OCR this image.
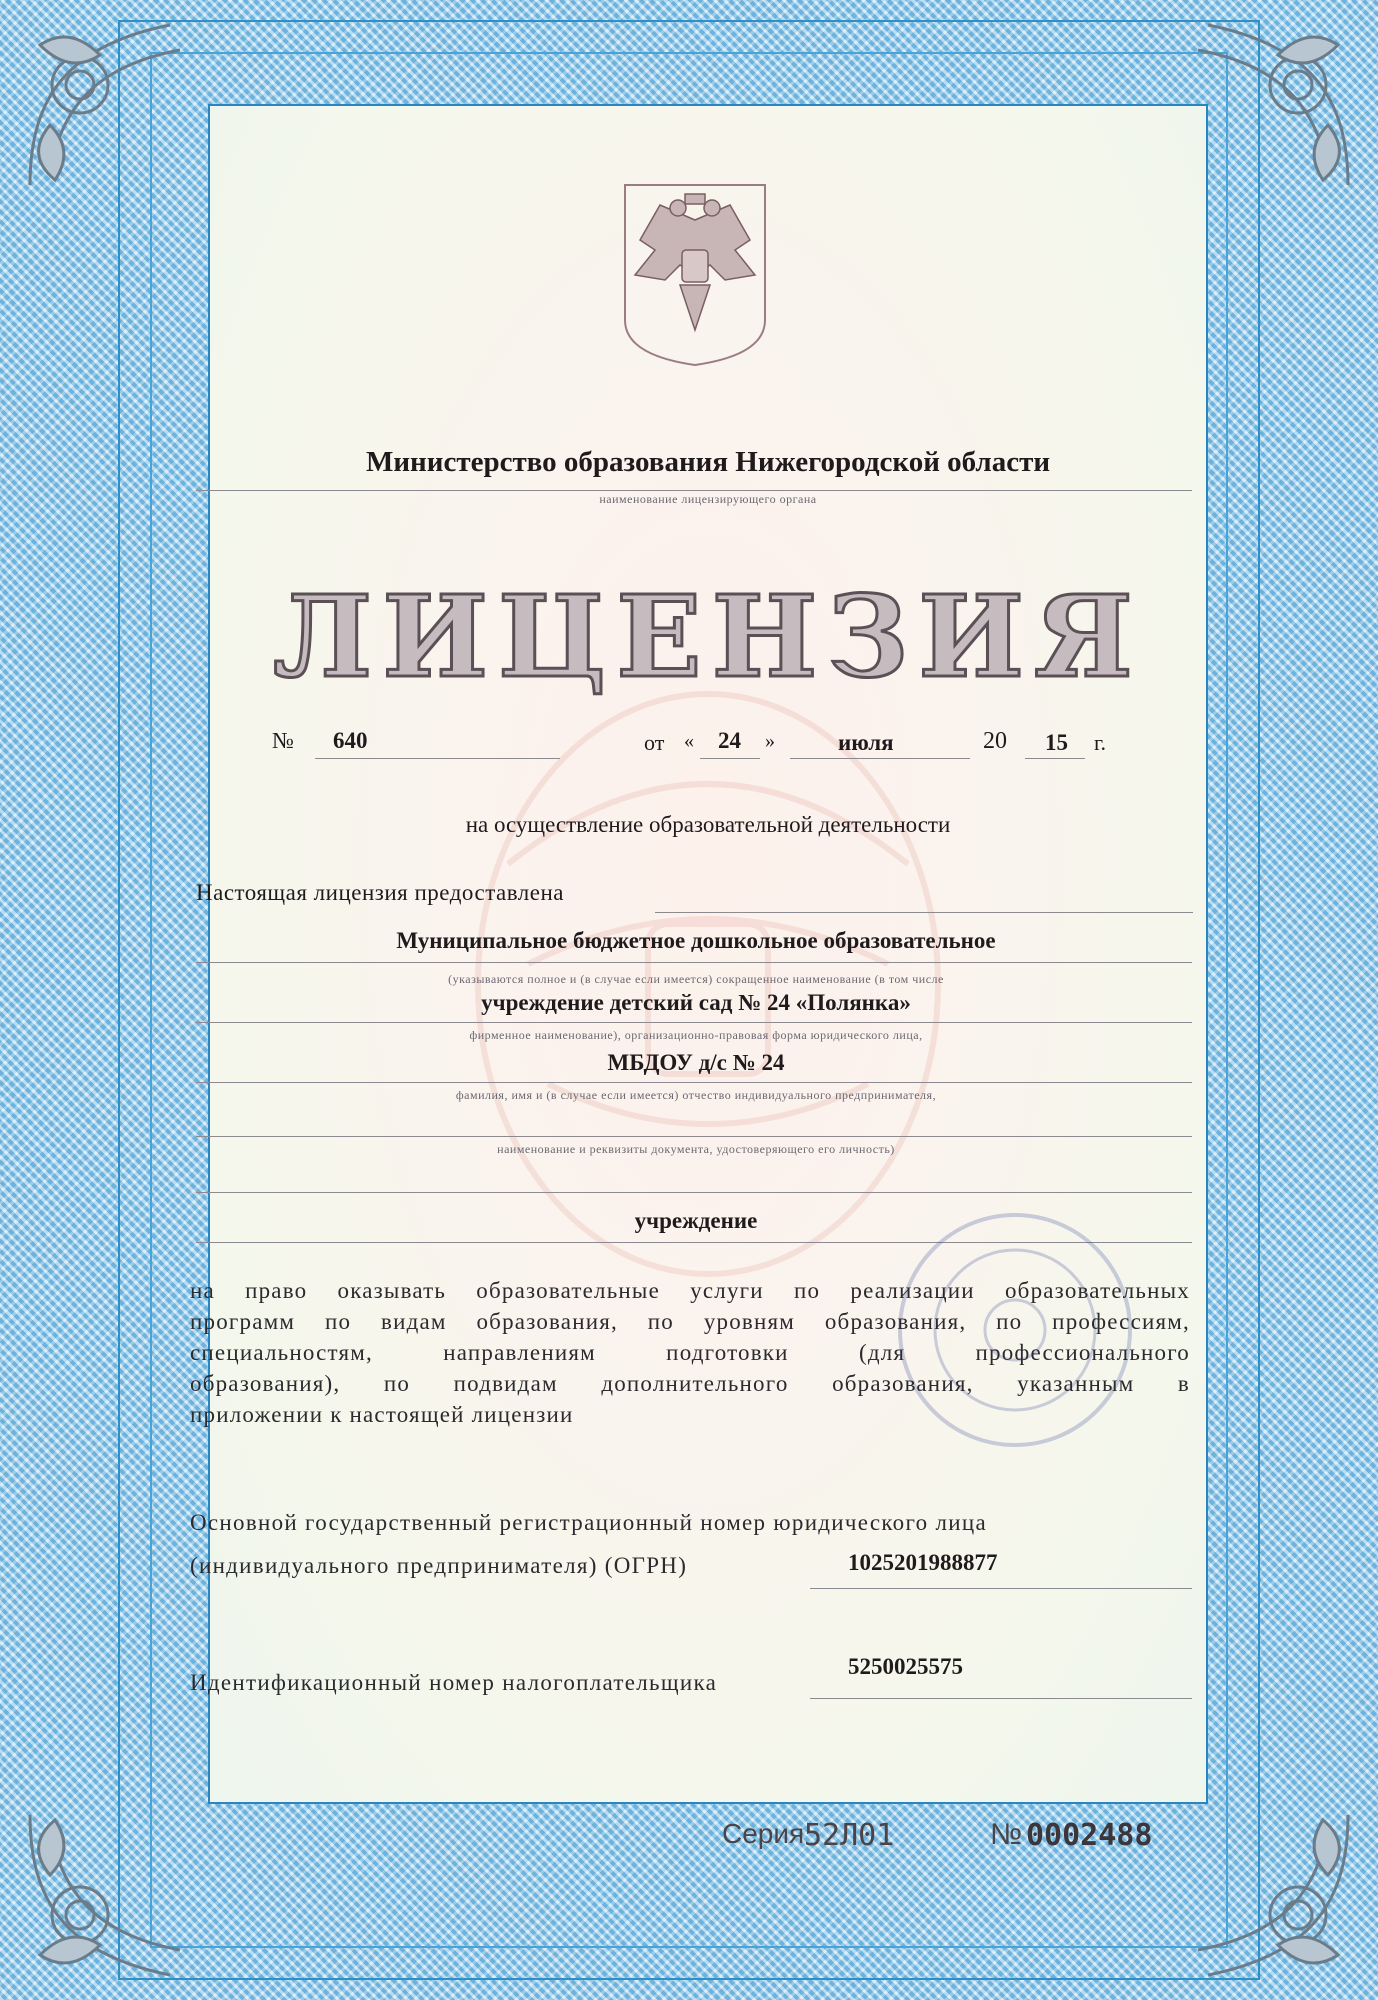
Министерство образования Нижегородской области
наименование лицензирующего органа
ЛИЦЕНЗИЯ
№ 640	от « 24 »	июля	20 15 г.
на осуществление образовательной деятельности
Настоящая лицензия предоставлена
Муниципальное бюджетное дошкольное образовательное
(указываются полное и (в случае если имеется) сокращенное наименование (в том числе
учреждение детский сад № 24 «Полянка»
фирменное наименование), организационно-правовая форма юридического лица,
МБДОУ д/с № 24
фамилия, имя и (в случае если имеется) отчество индивидуального предпринимателя,
наименование и реквизиты документа, удостоверяющего его личность)
учреждение
на право оказывать образовательные услуги по реализации образовательных
программ по видам образования, по уровням образования, по профессиям,
специальностям, направлениям подготовки (для профессионального
образования), по подвидам дополнительного образования, указанным в
приложении к настоящей лицензии
Основной государственный регистрационный номер юридического лица
(индивидуального предпринимателя) (ОГРН)	1025201988877
Идентификационный номер налогоплательщика
5250025575
Серия 52Л01	№ 0002488
